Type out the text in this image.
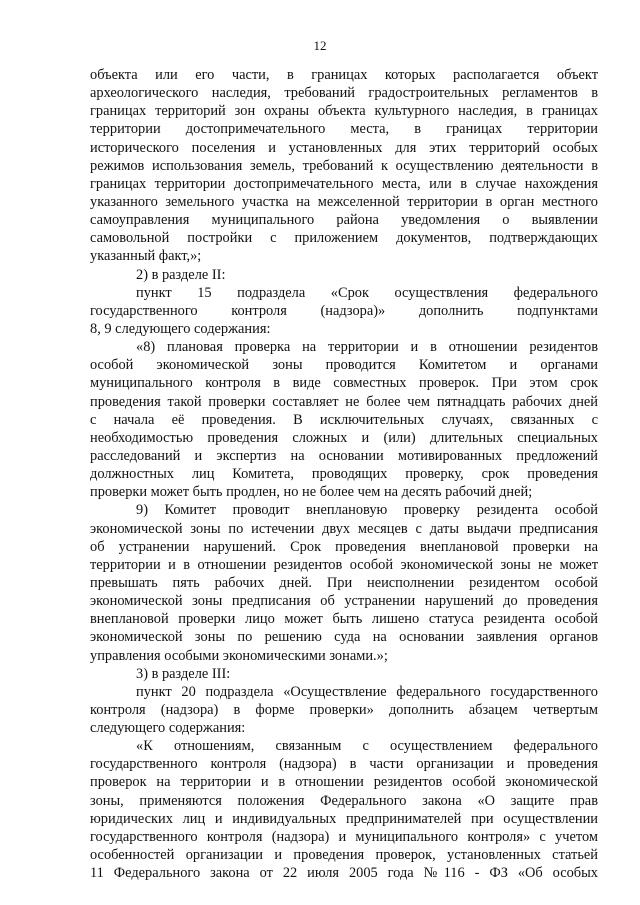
12
объекта или его части, в границах которых располагается объект
археологического наследия, требований градостроительных регламентов в
границах территорий зон охраны объекта культурного наследия, в границах
территории достопримечательного места, в границах территории
исторического поселения и установленных для этих территорий особых
режимов использования земель, требований к осуществлению деятельности в
границах территории достопримечательного места, или в случае нахождения
указанного земельного участка на межселенной территории в орган местного
самоуправления муниципального района уведомления о выявлении
самовольной постройки с приложением документов, подтверждающих
указанный факт,»;
2) в разделе II:
пункт 15 подраздела «Срок осуществления федерального
государственного контроля (надзора)» дополнить подпунктами
8, 9 следующего содержания:
«8) плановая проверка на территории и в отношении резидентов
особой экономической зоны проводится Комитетом и органами
муниципального контроля в виде совместных проверок. При этом срок
проведения такой проверки составляет не более чем пятнадцать рабочих дней
с начала её проведения. В исключительных случаях, связанных с
необходимостью проведения сложных и (или) длительных специальных
расследований и экспертиз на основании мотивированных предложений
должностных лиц Комитета, проводящих проверку, срок проведения
проверки может быть продлен, но не более чем на десять рабочий дней;
9) Комитет проводит внеплановую проверку резидента особой
экономической зоны по истечении двух месяцев с даты выдачи предписания
об устранении нарушений. Срок проведения внеплановой проверки на
территории и в отношении резидентов особой экономической зоны не может
превышать пять рабочих дней. При неисполнении резидентом особой
экономической зоны предписания об устранении нарушений до проведения
внеплановой проверки лицо может быть лишено статуса резидента особой
экономической зоны по решению суда на основании заявления органов
управления особыми экономическими зонами.»;
3) в разделе III:
пункт 20 подраздела «Осуществление федерального государственного
контроля (надзора) в форме проверки» дополнить абзацем четвертым
следующего содержания:
«К отношениям, связанным с осуществлением федерального
государственного контроля (надзора) в части организации и проведения
проверок на территории и в отношении резидентов особой экономической
зоны, применяются положения Федерального закона «О защите прав
юридических лиц и индивидуальных предпринимателей при осуществлении
государственного контроля (надзора) и муниципального контроля» с учетом
особенностей организации и проведения проверок, установленных статьей
11 Федерального закона от 22 июля 2005 года №116 - ФЗ «Об особых
